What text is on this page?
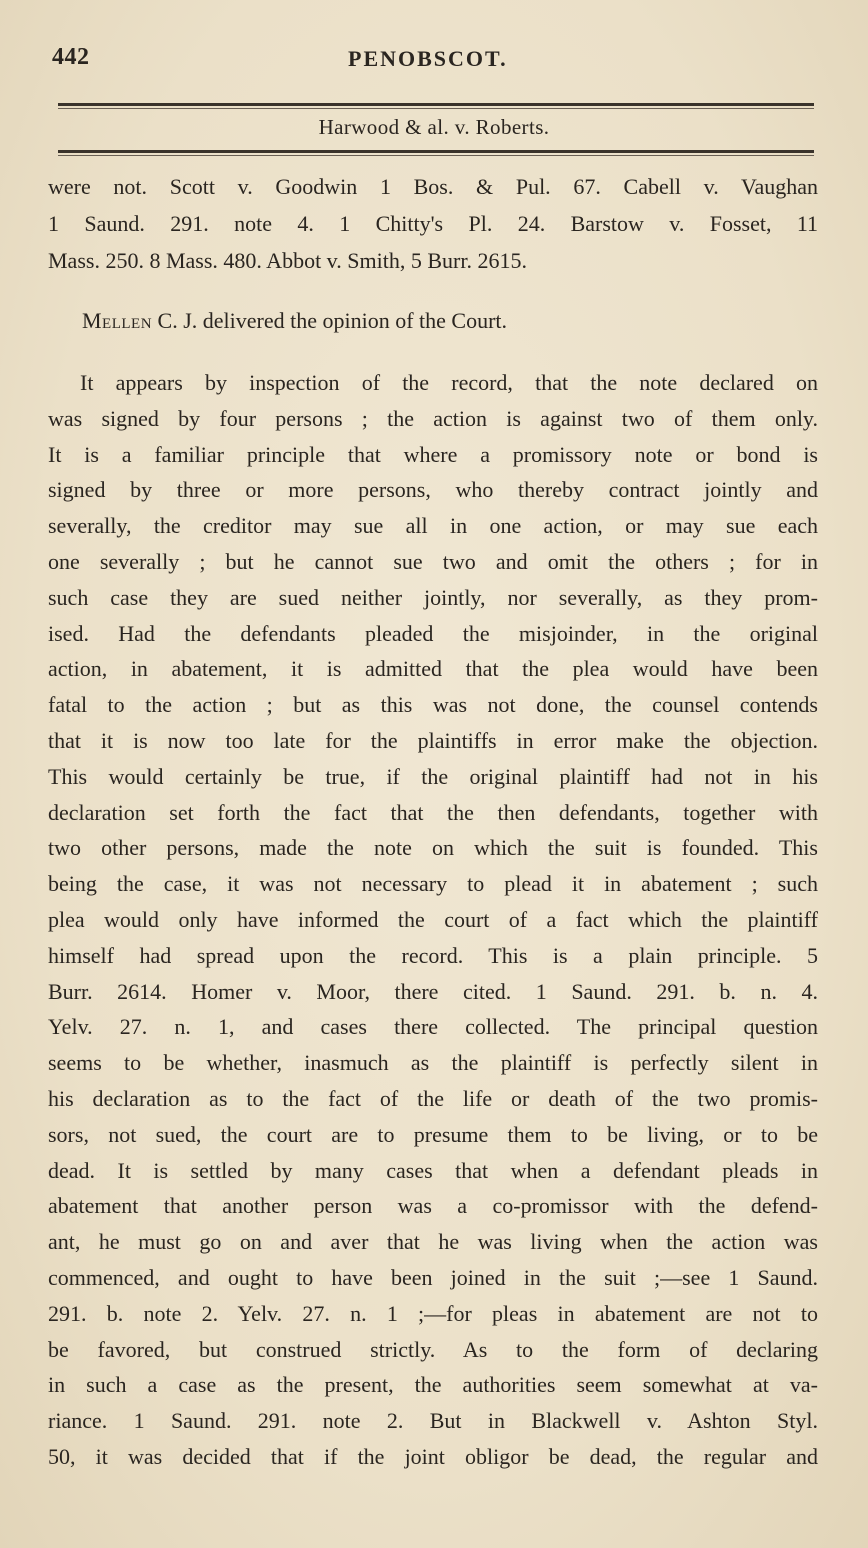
442	PENOBSCOT.
Harwood & al. v. Roberts.
were not. Scott v. Goodwin 1 Bos. & Pul. 67. Cabell v. Vaughan
1 Saund. 291. note 4. 1 Chitty's Pl. 24. Barstow v. Fosset, 11
Mass. 250. 8 Mass. 480. Abbot v. Smith, 5 Burr. 2615.
Mellen C. J. delivered the opinion of the Court.
It appears by inspection of the record, that the note declared on
was signed by four persons ; the action is against two of them only.
It is a familiar principle that where a promissory note or bond is
signed by three or more persons, who thereby contract jointly and
severally, the creditor may sue all in one action, or may sue each
one severally ; but he cannot sue two and omit the others ; for in
such case they are sued neither jointly, nor severally, as they prom-
ised. Had the defendants pleaded the misjoinder, in the original
action, in abatement, it is admitted that the plea would have been
fatal to the action ; but as this was not done, the counsel contends
that it is now too late for the plaintiffs in error make the objection.
This would certainly be true, if the original plaintiff had not in his
declaration set forth the fact that the then defendants, together with
two other persons, made the note on which the suit is founded. This
being the case, it was not necessary to plead it in abatement ; such
plea would only have informed the court of a fact which the plaintiff
himself had spread upon the record. This is a plain principle. 5
Burr. 2614. Homer v. Moor, there cited. 1 Saund. 291. b. n. 4.
Yelv. 27. n. 1, and cases there collected. The principal question
seems to be whether, inasmuch as the plaintiff is perfectly silent in
his declaration as to the fact of the life or death of the two promis-
sors, not sued, the court are to presume them to be living, or to be
dead. It is settled by many cases that when a defendant pleads in
abatement that another person was a co-promissor with the defend-
ant, he must go on and aver that he was living when the action was
commenced, and ought to have been joined in the suit ;—see 1 Saund.
291. b. note 2. Yelv. 27. n. 1 ;—for pleas in abatement are not to
be favored, but construed strictly. As to the form of declaring
in such a case as the present, the authorities seem somewhat at va-
riance. 1 Saund. 291. note 2. But in Blackwell v. Ashton Styl.
50, it was decided that if the joint obligor be dead, the regular and
